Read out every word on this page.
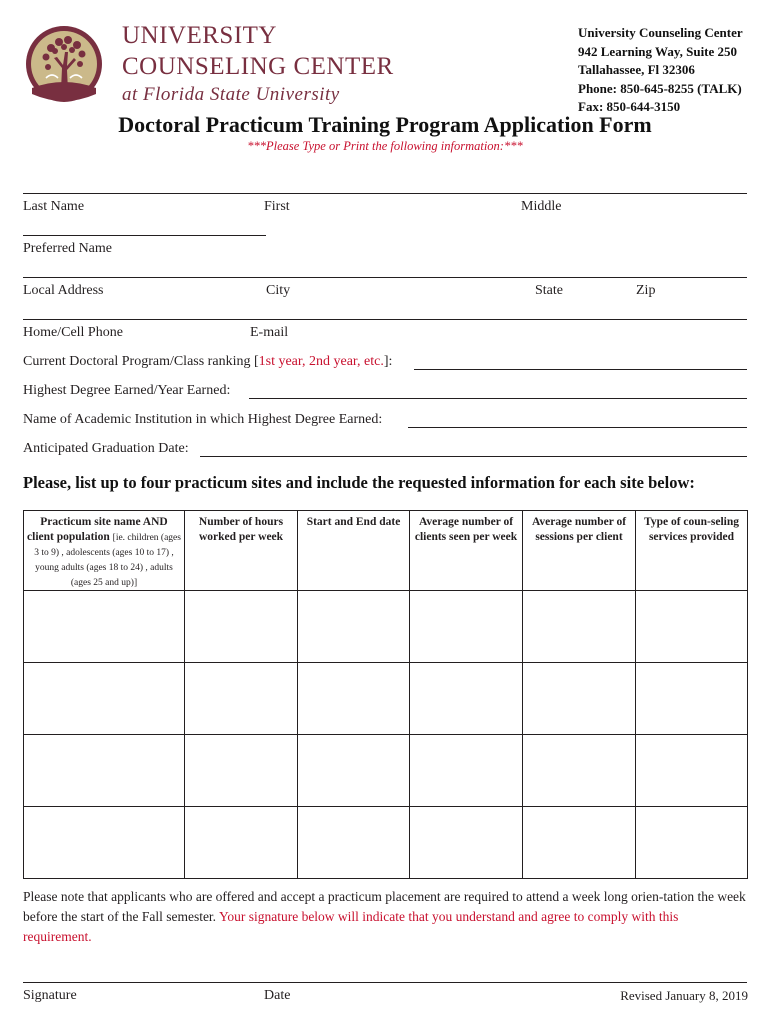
UNIVERSITY
COUNSELING CENTER
at Florida State University
University Counseling Center
942 Learning Way, Suite 250
Tallahassee, Fl 32306
Phone: 850-645-8255 (TALK)
Fax: 850-644-3150
Doctoral Practicum Training Program Application Form
***Please Type or Print the following information:***
Last Name	First	Middle
Preferred Name
Local Address	City	State	Zip
Home/Cell Phone	E-mail
Current Doctoral Program/Class ranking [1st year, 2nd year, etc.]:
Highest Degree Earned/Year Earned:
Name of Academic Institution in which Highest Degree Earned:
Anticipated Graduation Date:
Please, list up to four practicum sites and include the requested information for each site below:
Practicum site name AND client population [ie. children (ages 3 to 9) , adolescents (ages 10 to 17) , young adults (ages 18 to 24) , adults (ages 25 and up)]	Number of hours worked per week	Start and End date	Average number of clients seen per week	Average number of sessions per client	Type of coun-seling services provided

Please note that applicants who are offered and accept a practicum placement are required to attend a week long orien-tation the week before the start of the Fall semester. Your signature below will indicate that you understand and agree to comply with this requirement.
Signature	Date	Revised January 8, 2019
